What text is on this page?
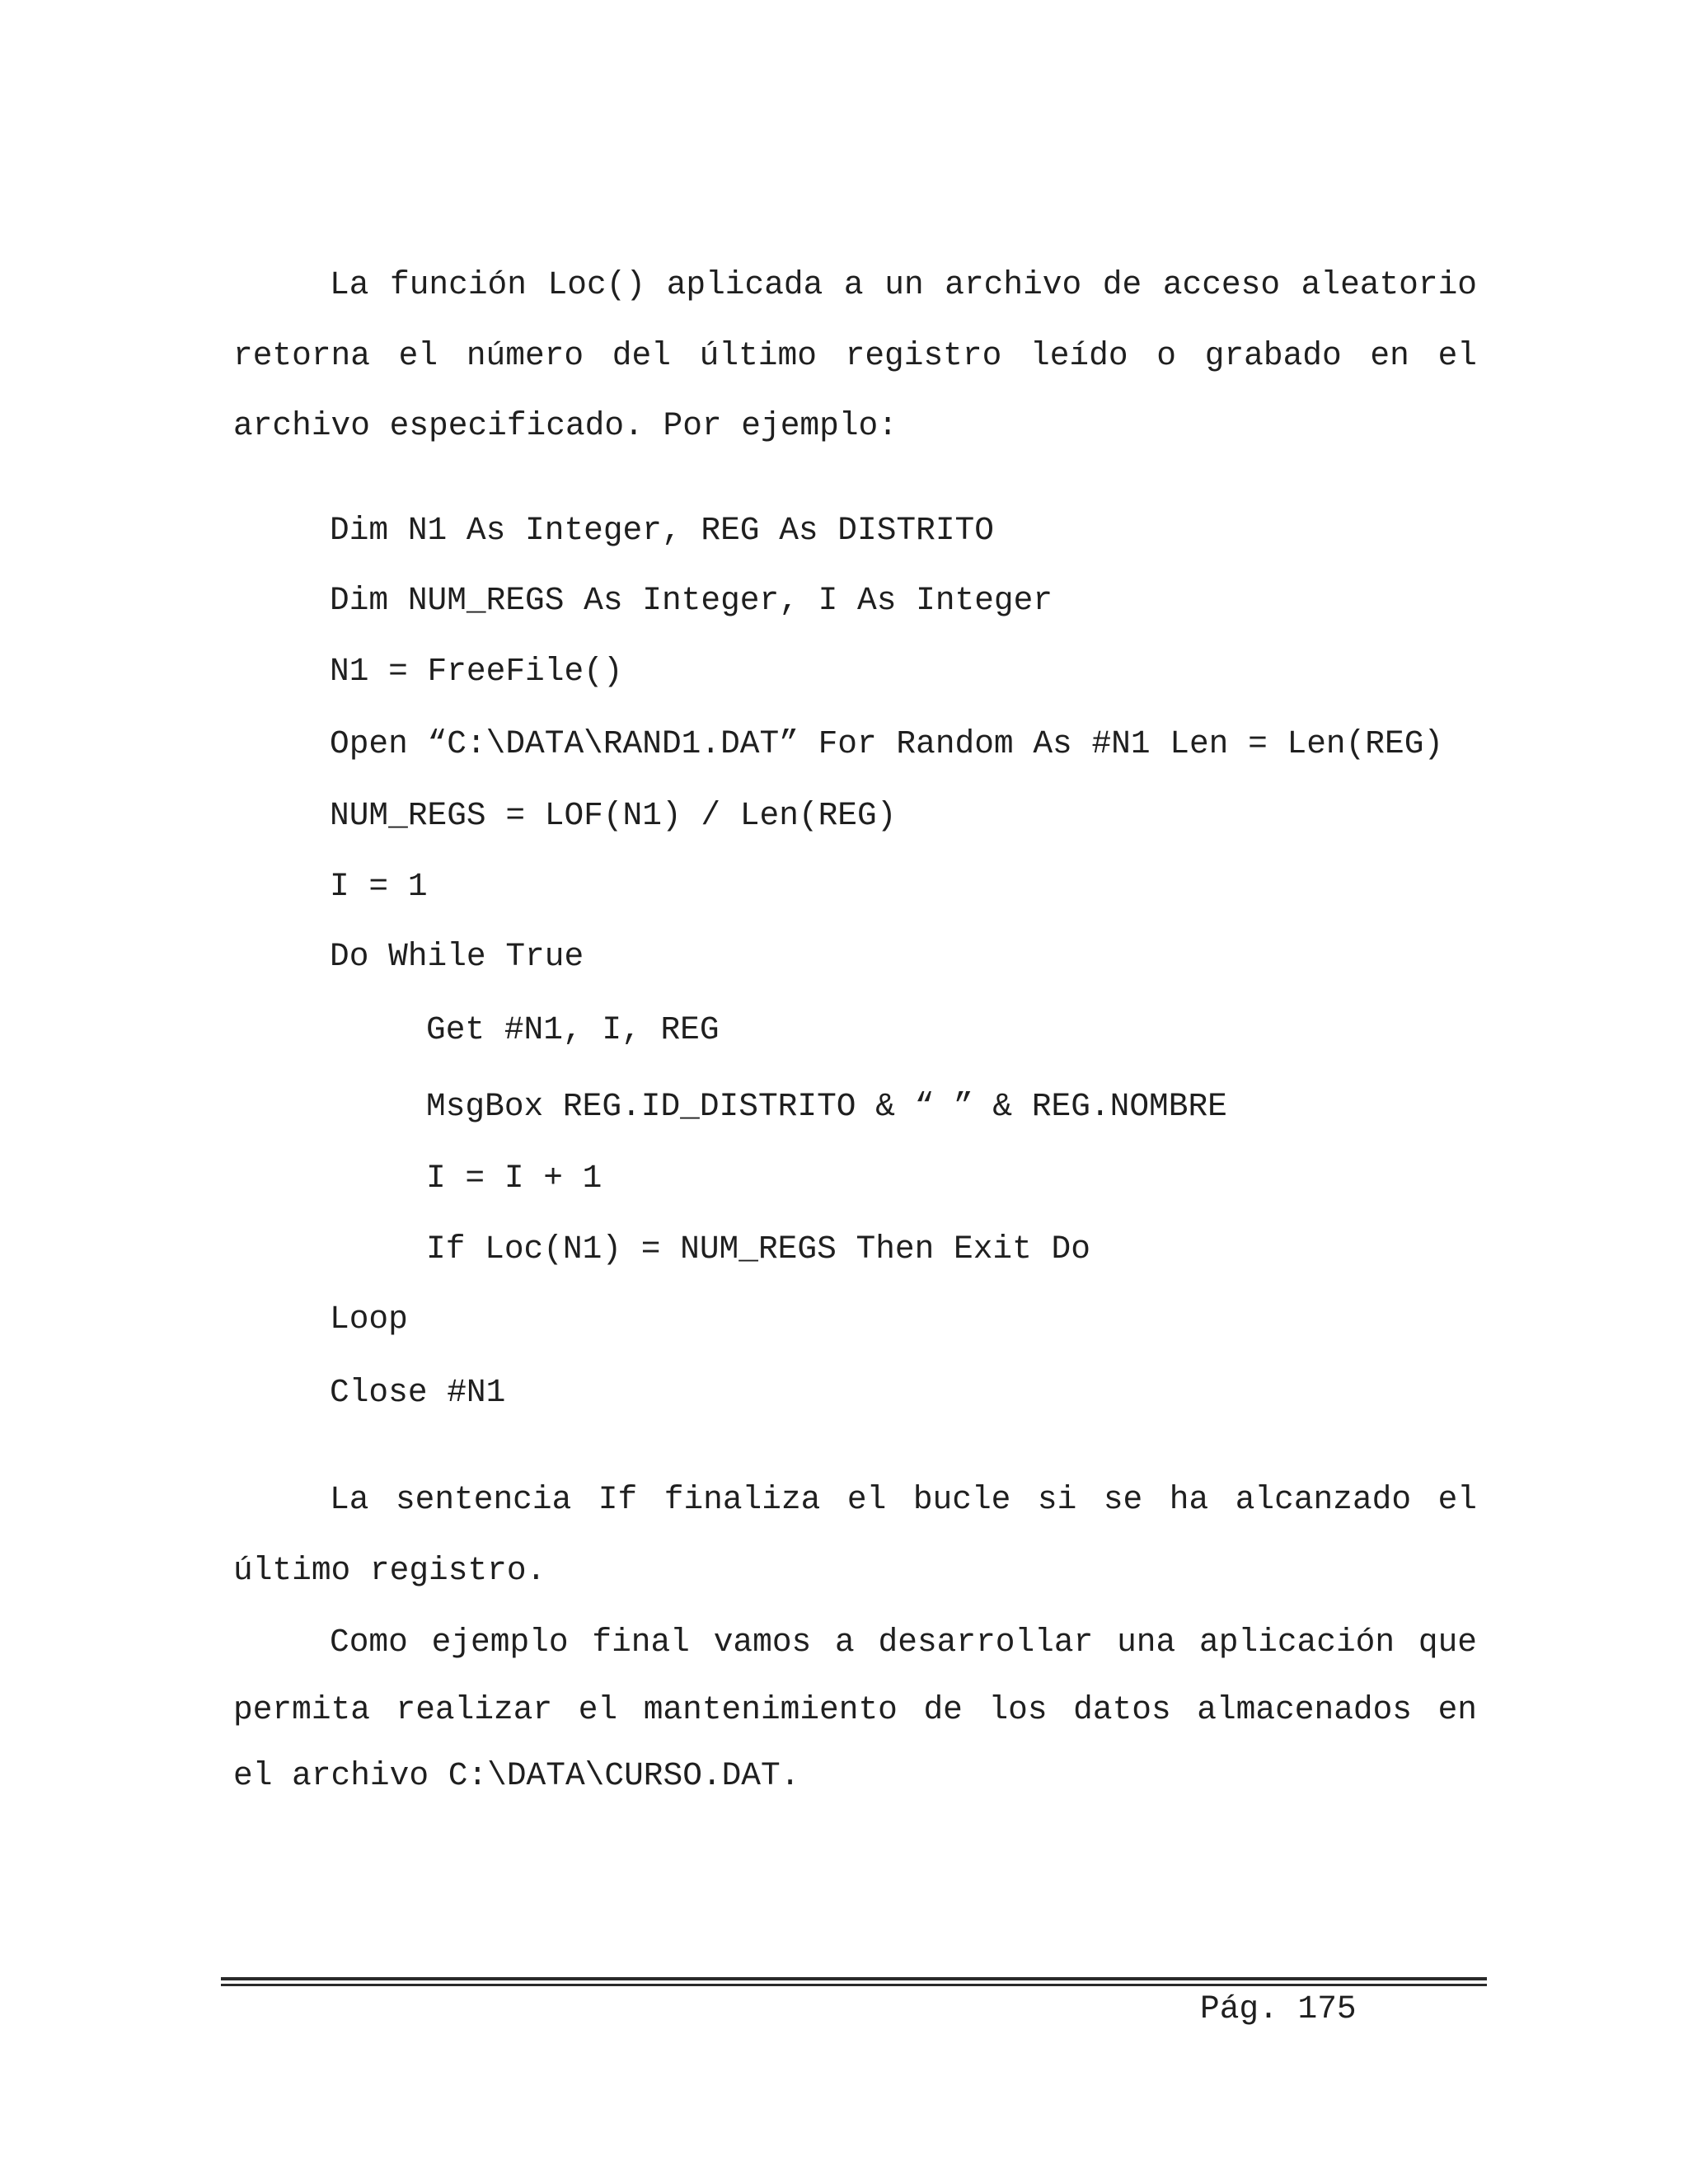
La función Loc() aplicada a un archivo de acceso aleatorio
retorna el número del último registro leído o grabado en el
archivo especificado. Por ejemplo:
Dim N1 As Integer, REG As DISTRITO
Dim NUM_REGS As Integer, I As Integer
N1 = FreeFile()
Open “C:\DATA\RAND1.DAT” For Random As #N1 Len = Len(REG)
NUM_REGS = LOF(N1) / Len(REG)
I = 1
Do While True
Get #N1, I, REG
MsgBox REG.ID_DISTRITO & “ ” & REG.NOMBRE
I = I + 1
If Loc(N1) = NUM_REGS Then Exit Do
Loop
Close #N1
La sentencia If finaliza el bucle si se ha alcanzado el
último registro.
Como ejemplo final vamos a desarrollar una aplicación que
permita realizar el mantenimiento de los datos almacenados en
el archivo C:\DATA\CURSO.DAT.
Pág. 175
